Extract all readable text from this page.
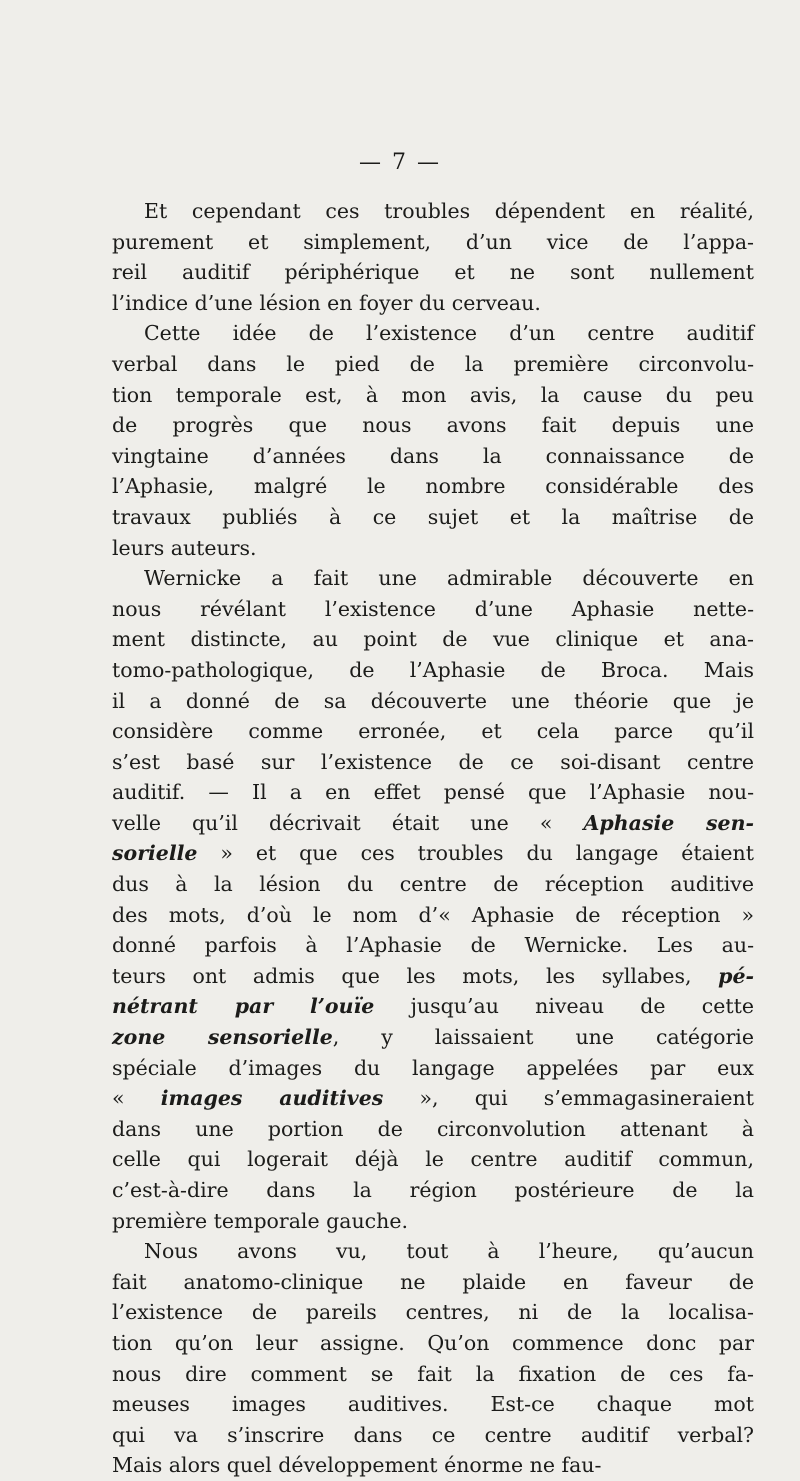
— 7 —
Et cependant ces troubles dépendent en réalité,
purement et simplement, d’un vice de l’appa-
reil auditif périphérique et ne sont nullement
l’indice d’une lésion en foyer du cerveau.
Cette idée de l’existence d’un centre auditif
verbal dans le pied de la première circonvolu-
tion temporale est, à mon avis, la cause du peu
de progrès que nous avons fait depuis une
vingtaine d’années dans la connaissance de
l’Aphasie, malgré le nombre considérable des
travaux publiés à ce sujet et la maîtrise de
leurs auteurs.
Wernicke a fait une admirable découverte en
nous révélant l’existence d’une Aphasie nette-
ment distincte, au point de vue clinique et ana-
tomo-pathologique, de l’Aphasie de Broca. Mais
il a donné de sa découverte une théorie que je
considère comme erronée, et cela parce qu’il
s’est basé sur l’existence de ce soi-disant centre
auditif. — Il a en effet pensé que l’Aphasie nou-
velle qu’il décrivait était une « Aphasie sen-
sorielle » et que ces troubles du langage étaient
dus à la lésion du centre de réception auditive
des mots, d’où le nom d’« Aphasie de réception »
donné parfois à l’Aphasie de Wernicke. Les au-
teurs ont admis que les mots, les syllabes, pé-
nétrant par l’ouïe jusqu’au niveau de cette
zone sensorielle, y laissaient une catégorie
spéciale d’images du langage appelées par eux
« images auditives », qui s’emmagasineraient
dans une portion de circonvolution attenant à
celle qui logerait déjà le centre auditif commun,
c’est-à-dire dans la région postérieure de la
première temporale gauche.
Nous avons vu, tout à l’heure, qu’aucun
fait anatomo-clinique ne plaide en faveur de
l’existence de pareils centres, ni de la localisa-
tion qu’on leur assigne. Qu’on commence donc par
nous dire comment se fait la fixation de ces fa-
meuses images auditives. Est-ce chaque mot
qui va s’inscrire dans ce centre auditif verbal?
Mais alors quel développement énorme ne fau-
